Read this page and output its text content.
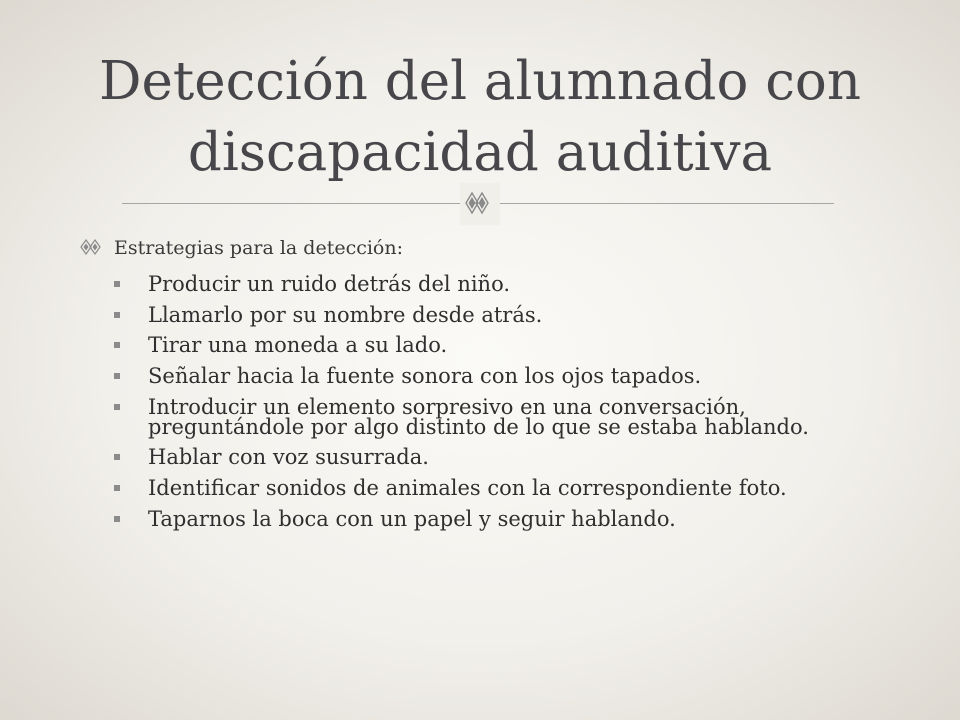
Detección del alumnado con
discapacidad auditiva
Estrategias para la detección:
Producir un ruido detrás del niño.
Llamarlo por su nombre desde atrás.
Tirar una moneda a su lado.
Señalar hacia la fuente sonora con los ojos tapados.
Introducir un elemento sorpresivo en una conversación, preguntándole por algo distinto de lo que se estaba hablando.
Hablar con voz susurrada.
Identificar sonidos de animales con la correspondiente foto.
Taparnos la boca con un papel y seguir hablando.
